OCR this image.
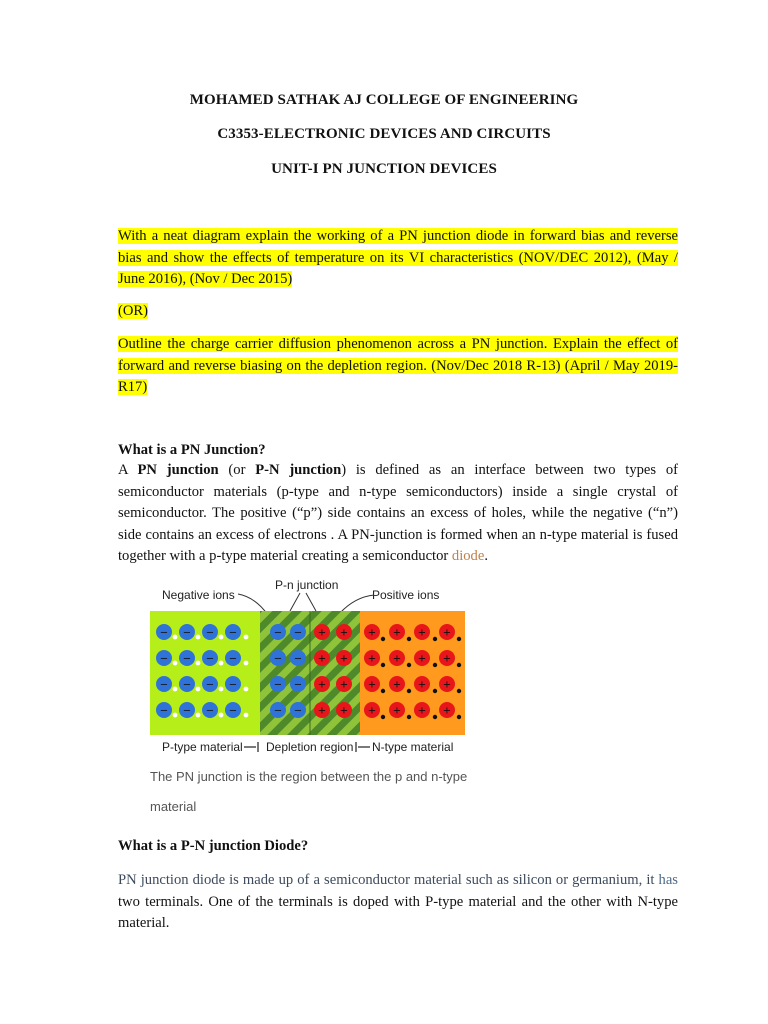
MOHAMED SATHAK AJ COLLEGE OF ENGINEERING
C3353-ELECTRONIC DEVICES AND CIRCUITS
UNIT-I PN JUNCTION DEVICES
With a neat diagram explain the working of a PN junction diode in forward bias and reverse bias and show the effects of temperature on its VI characteristics (NOV/DEC 2012), (May / June 2016), (Nov / Dec 2015)
(OR)
Outline the charge carrier diffusion phenomenon across a PN junction. Explain the effect of forward and reverse biasing on the depletion region. (Nov/Dec 2018 R-13) (April / May 2019-R17)
What is a PN Junction?
A PN junction (or P-N junction) is defined as an interface between two types of semiconductor materials (p-type and n-type semiconductors) inside a single crystal of semiconductor. The positive (“p”) side contains an excess of holes, while the negative (“n”) side contains an excess of electrons . A PN-junction is formed when an n-type material is fused together with a p-type material creating a semiconductor diode.
Negative ions
P-n junction
Positive ions
− − − −	− −
− − − −	− −
− − − −	− −
− − − −	− −
+ + + + + +
+ + + + + +
+ + + + + +
+ + + + + +
P-type material Depletion region N-type material
The PN junction is the region between the p and n-type
material
What is a P-N junction Diode?
PN junction diode is made up of a semiconductor material such as silicon or germanium, it has two terminals. One of the terminals is doped with P-type material and the other with N-type material.
